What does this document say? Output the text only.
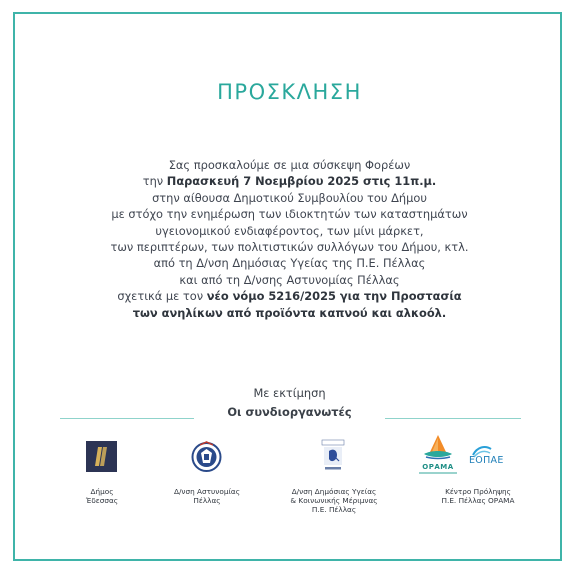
ΠΡΟΣΚΛΗΣΗ
Σας προσκαλούμε σε μια σύσκεψη Φορέων
την Παρασκευή 7 Νοεμβρίου 2025 στις 11π.μ.
στην αίθουσα Δημοτικού Συμβουλίου του Δήμου
με στόχο την ενημέρωση των ιδιοκτητών των καταστημάτων
υγειονομικού ενδιαφέροντος, των μίνι μάρκετ,
των περιπτέρων, των πολιτιστικών συλλόγων του Δήμου, κτλ.
από τη Δ/νση Δημόσιας Υγείας της Π.Ε. Πέλλας
και από τη Δ/νσης Αστυνομίας Πέλλας
σχετικά με τον νέο νόμο 5216/2025 για την Προστασία
των ανηλίκων από προϊόντα καπνού και αλκοόλ.
Με εκτίμηση
Οι συνδιοργανωτές
Δήμος Έδεσσας
Δ/νση Αστυνομίας
Πέλλας
Δ/νση Δημόσιας Υγείας
& Κοινωνικής Μέριμνας
Π.Ε. Πέλλας
ΟΡΑΜΑ
ΕΟΠΑΕ
Κέντρο Πρόληψης
Π.Ε. Πέλλας ΟΡΑΜΑ
